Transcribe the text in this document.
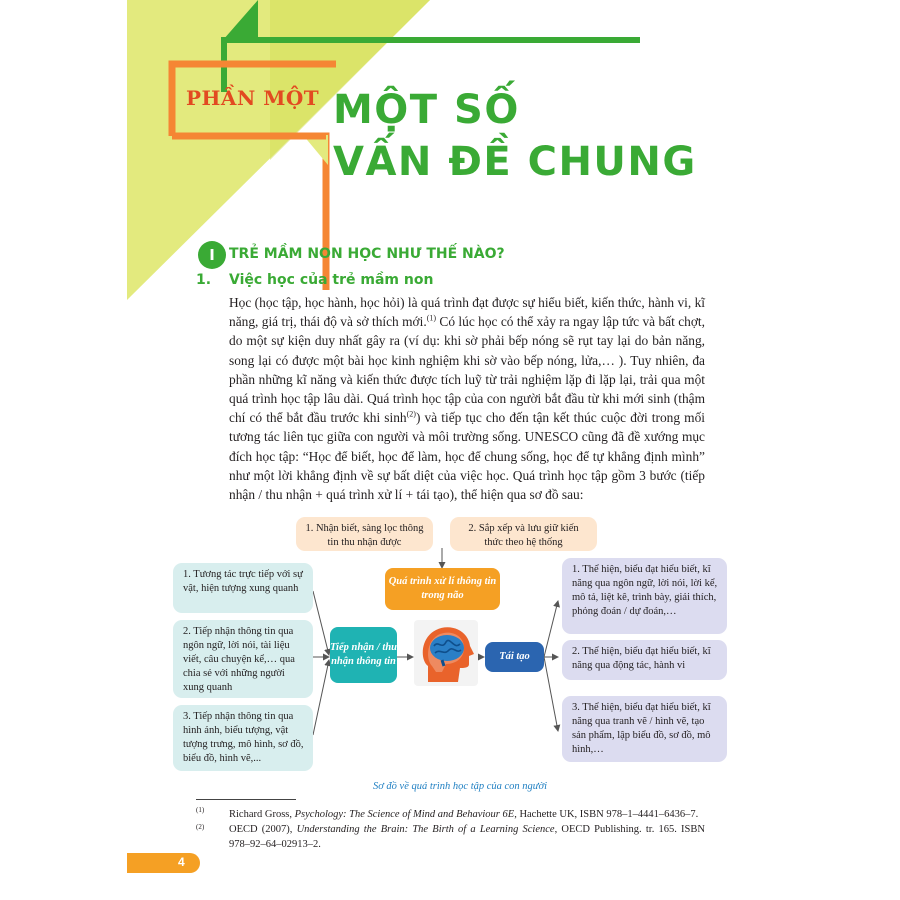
PHẦN MỘT MỘT SỐ
VẤN ĐỀ CHUNG
I	TRẺ MẦM NON HỌC NHƯ THẾ NÀO?
1. Việc học của trẻ mầm non
Học (học tập, học hành, học hỏi) là quá trình đạt được sự hiểu biết, kiến thức, hành vi, kĩ năng, giá trị, thái độ và sở thích mới.$^{(1)}$ Có lúc học có thể xảy ra ngay lập tức và bất chợt, do một sự kiện duy nhất gây ra (ví dụ: khi sờ phải bếp nóng sẽ rụt tay lại do bản năng, song lại có được một bài học kinh nghiệm khi sờ vào bếp nóng, lửa,… ). Tuy nhiên, đa phần những kĩ năng và kiến thức được tích luỹ từ trải nghiệm lặp đi lặp lại, trải qua một quá trình học tập lâu dài. Quá trình học tập của con người bắt đầu từ khi mới sinh (thậm chí có thể bắt đầu trước khi $\sinh^{(2)}$) và tiếp tục cho đến tận kết thúc cuộc đời trong mối tương tác liên tục giữa con người và môi trường sống. UNESCO cũng đã đề xướng mục đích học tập: “Học để biết, học để làm, học để chung sống, học để tự khẳng định mình” như một lời khẳng định về sự bất diệt của việc học. Quá trình học tập gồm 3 bước (tiếp nhận / thu nhận + quá trình xử lí + tái tạo), thể hiện qua sơ đồ sau:
1. Nhận biết, sàng lọc thông tin thu nhận được
2. Sắp xếp và lưu giữ kiến thức theo hệ thống
1. Tương tác trực tiếp với sự vật, hiện tượng xung quanh
2. Tiếp nhận thông tin qua ngôn ngữ, lời nói, tài liệu viết, câu chuyện kể,… qua chia sẻ với những người xung quanh
3. Tiếp nhận thông tin qua hình ảnh, biểu tượng, vật tượng trưng, mô hình, sơ đồ, biểu đồ, hình vẽ,...
Tiếp nhận / thu nhận thông tin
Quá trình xử lí thông tin trong não
Tái tạo
1. Thể hiện, biểu đạt hiểu biết, kĩ năng qua ngôn ngữ, lời nói, lời kể, mô tả, liệt kê, trình bày, giải thích, phỏng đoán / dự đoán,…
2. Thể hiện, biểu đạt hiểu biết, kĩ năng qua động tác, hành vi
3. Thể hiện, biểu đạt hiểu biết, kĩ năng qua tranh vẽ / hình vẽ, tạo sản phẩm, lập biểu đồ, sơ đồ, mô hình,…
Sơ đồ về quá trình học tập của con người
(1) Richard Gross, Psychology: The Science of Mind and Behaviour 6E, Hachette UK, ISBN 978–1–4441–6436–7.
(2) OECD (2007), Understanding the Brain: The Birth of a Learning Science, OECD Publishing. tr. 165. ISBN 978–92–64–02913–2.
4
